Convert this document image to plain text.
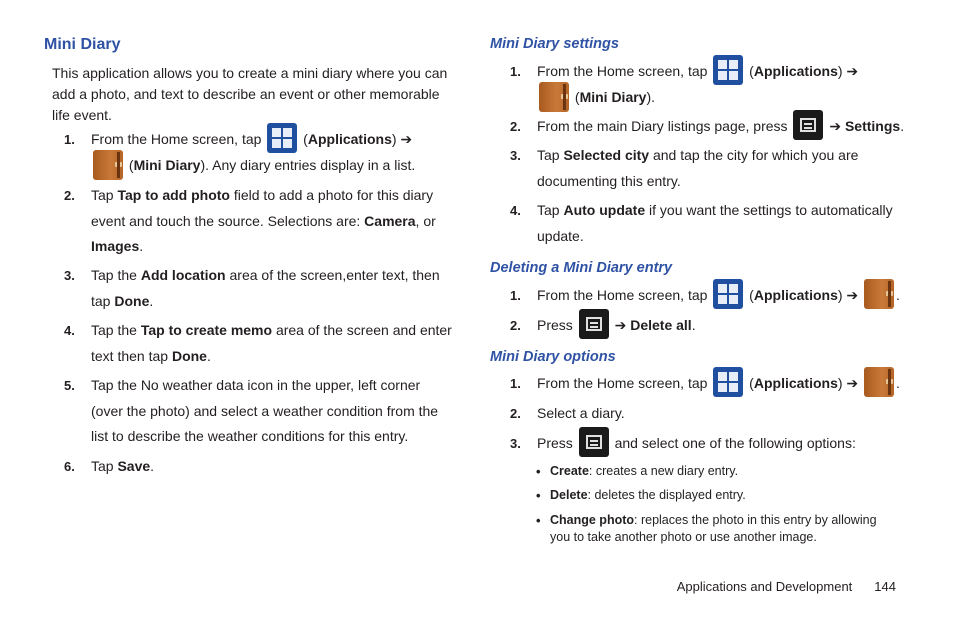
Mini Diary

This application allows you to create a mini diary where you can add a photo, and text to describe an event or other memorable life event.

1.	From the Home screen, tap  (Applications) ➔
(Mini Diary). Any diary entries display in a list.
2.	Tap Tap to add photo field to add a photo for this diary event and touch the source. Selections are: Camera, or Images.
3.	Tap the Add location area of the screen,enter text, then tap Done.
4.	Tap the Tap to create memo area of the screen and enter text then tap Done.
5.	Tap the No weather data icon in the upper, left corner (over the photo) and select a weather condition from the list to describe the weather conditions for this entry.
6.	Tap Save.
Mini Diary settings
1.	From the Home screen, tap  (Applications) ➔
(Mini Diary).
2.	From the main Diary listings page, press  ➔ Settings.
3.	Tap Selected city and tap the city for which you are documenting this entry.
4.	Tap Auto update if you want the settings to automatically update.
Deleting a Mini Diary entry
1.	From the Home screen, tap  (Applications) ➔ .
2.	Press  ➔ Delete all.
Mini Diary options
1.	From the Home screen, tap  (Applications) ➔ .
2.	Select a diary.
3.	Press  and select one of the following options:
• Create: creates a new diary entry.
• Delete: deletes the displayed entry.
• Change photo: replaces the photo in this entry by allowing you to take another photo or use another image.
Applications and Development 144
